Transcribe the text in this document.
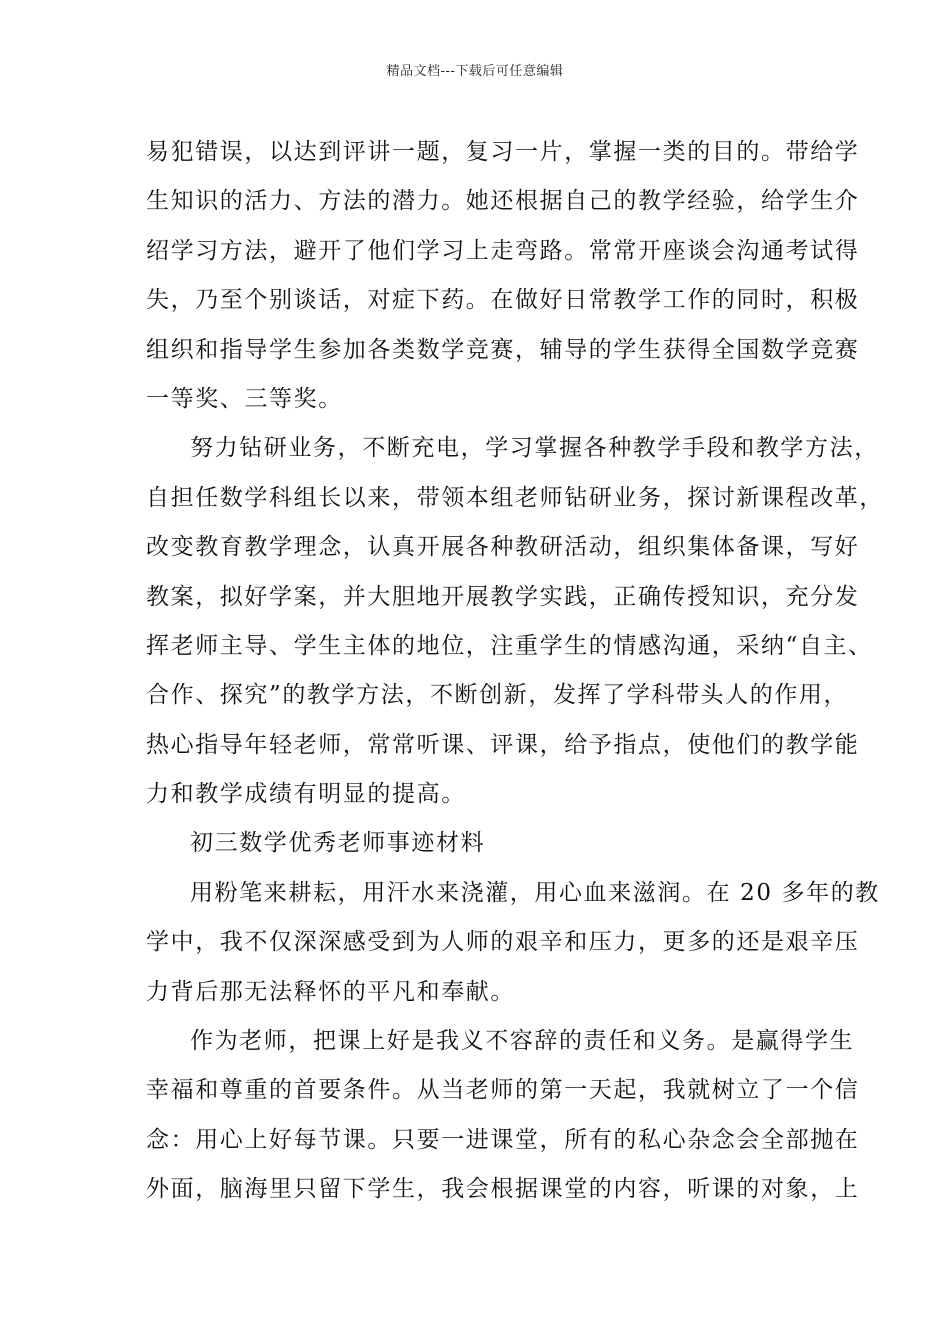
精品文档---下载后可任意编辑
易犯错误，以达到评讲一题，复习一片，掌握一类的目的。带给学
生知识的活力、方法的潜力。她还根据自己的教学经验，给学生介
绍学习方法，避开了他们学习上走弯路。常常开座谈会沟通考试得
失，乃至个别谈话，对症下药。在做好日常教学工作的同时，积极
组织和指导学生参加各类数学竞赛，辅导的学生获得全国数学竞赛
一等奖、三等奖。
努力钻研业务，不断充电，学习掌握各种教学手段和教学方法，
自担任数学科组长以来，带领本组老师钻研业务，探讨新课程改革，
改变教育教学理念，认真开展各种教研活动，组织集体备课，写好
教案，拟好学案，并大胆地开展教学实践，正确传授知识，充分发
挥老师主导、学生主体的地位，注重学生的情感沟通，采纳“自主、
合作、探究”的教学方法，不断创新，发挥了学科带头人的作用，
热心指导年轻老师，常常听课、评课，给予指点，使他们的教学能
力和教学成绩有明显的提高。
初三数学优秀老师事迹材料
用粉笔来耕耘，用汗水来浇灌，用心血来滋润。在 20 多年的教
学中，我不仅深深感受到为人师的艰辛和压力，更多的还是艰辛压
力背后那无法释怀的平凡和奉献。
作为老师，把课上好是我义不容辞的责任和义务。是赢得学生
幸福和尊重的首要条件。从当老师的第一天起，我就树立了一个信
念：用心上好每节课。只要一进课堂，所有的私心杂念会全部抛在
外面，脑海里只留下学生，我会根据课堂的内容，听课的对象，上
